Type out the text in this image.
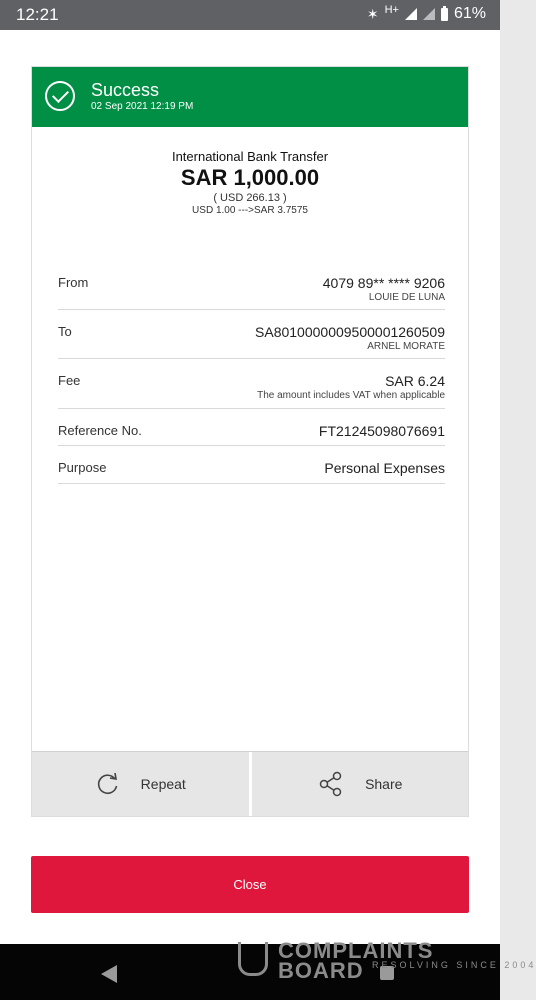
12:21	✶ H+	61%
Success
02 Sep 2021 12:19 PM
International Bank Transfer
SAR 1,000.00
( USD 266.13 )
USD 1.00 --->SAR 3.7575
From	4079 89** **** 9206
LOUIE DE LUNA
To	SA8010000009500001260509
ARNEL MORATE
Fee	SAR 6.24
The amount includes VAT when applicable
Reference No.	FT21245098076691
Purpose	Personal Expenses
Repeat	Share
Close
COMPLAINTS
BOARD RESOLVING SINCE 2004
